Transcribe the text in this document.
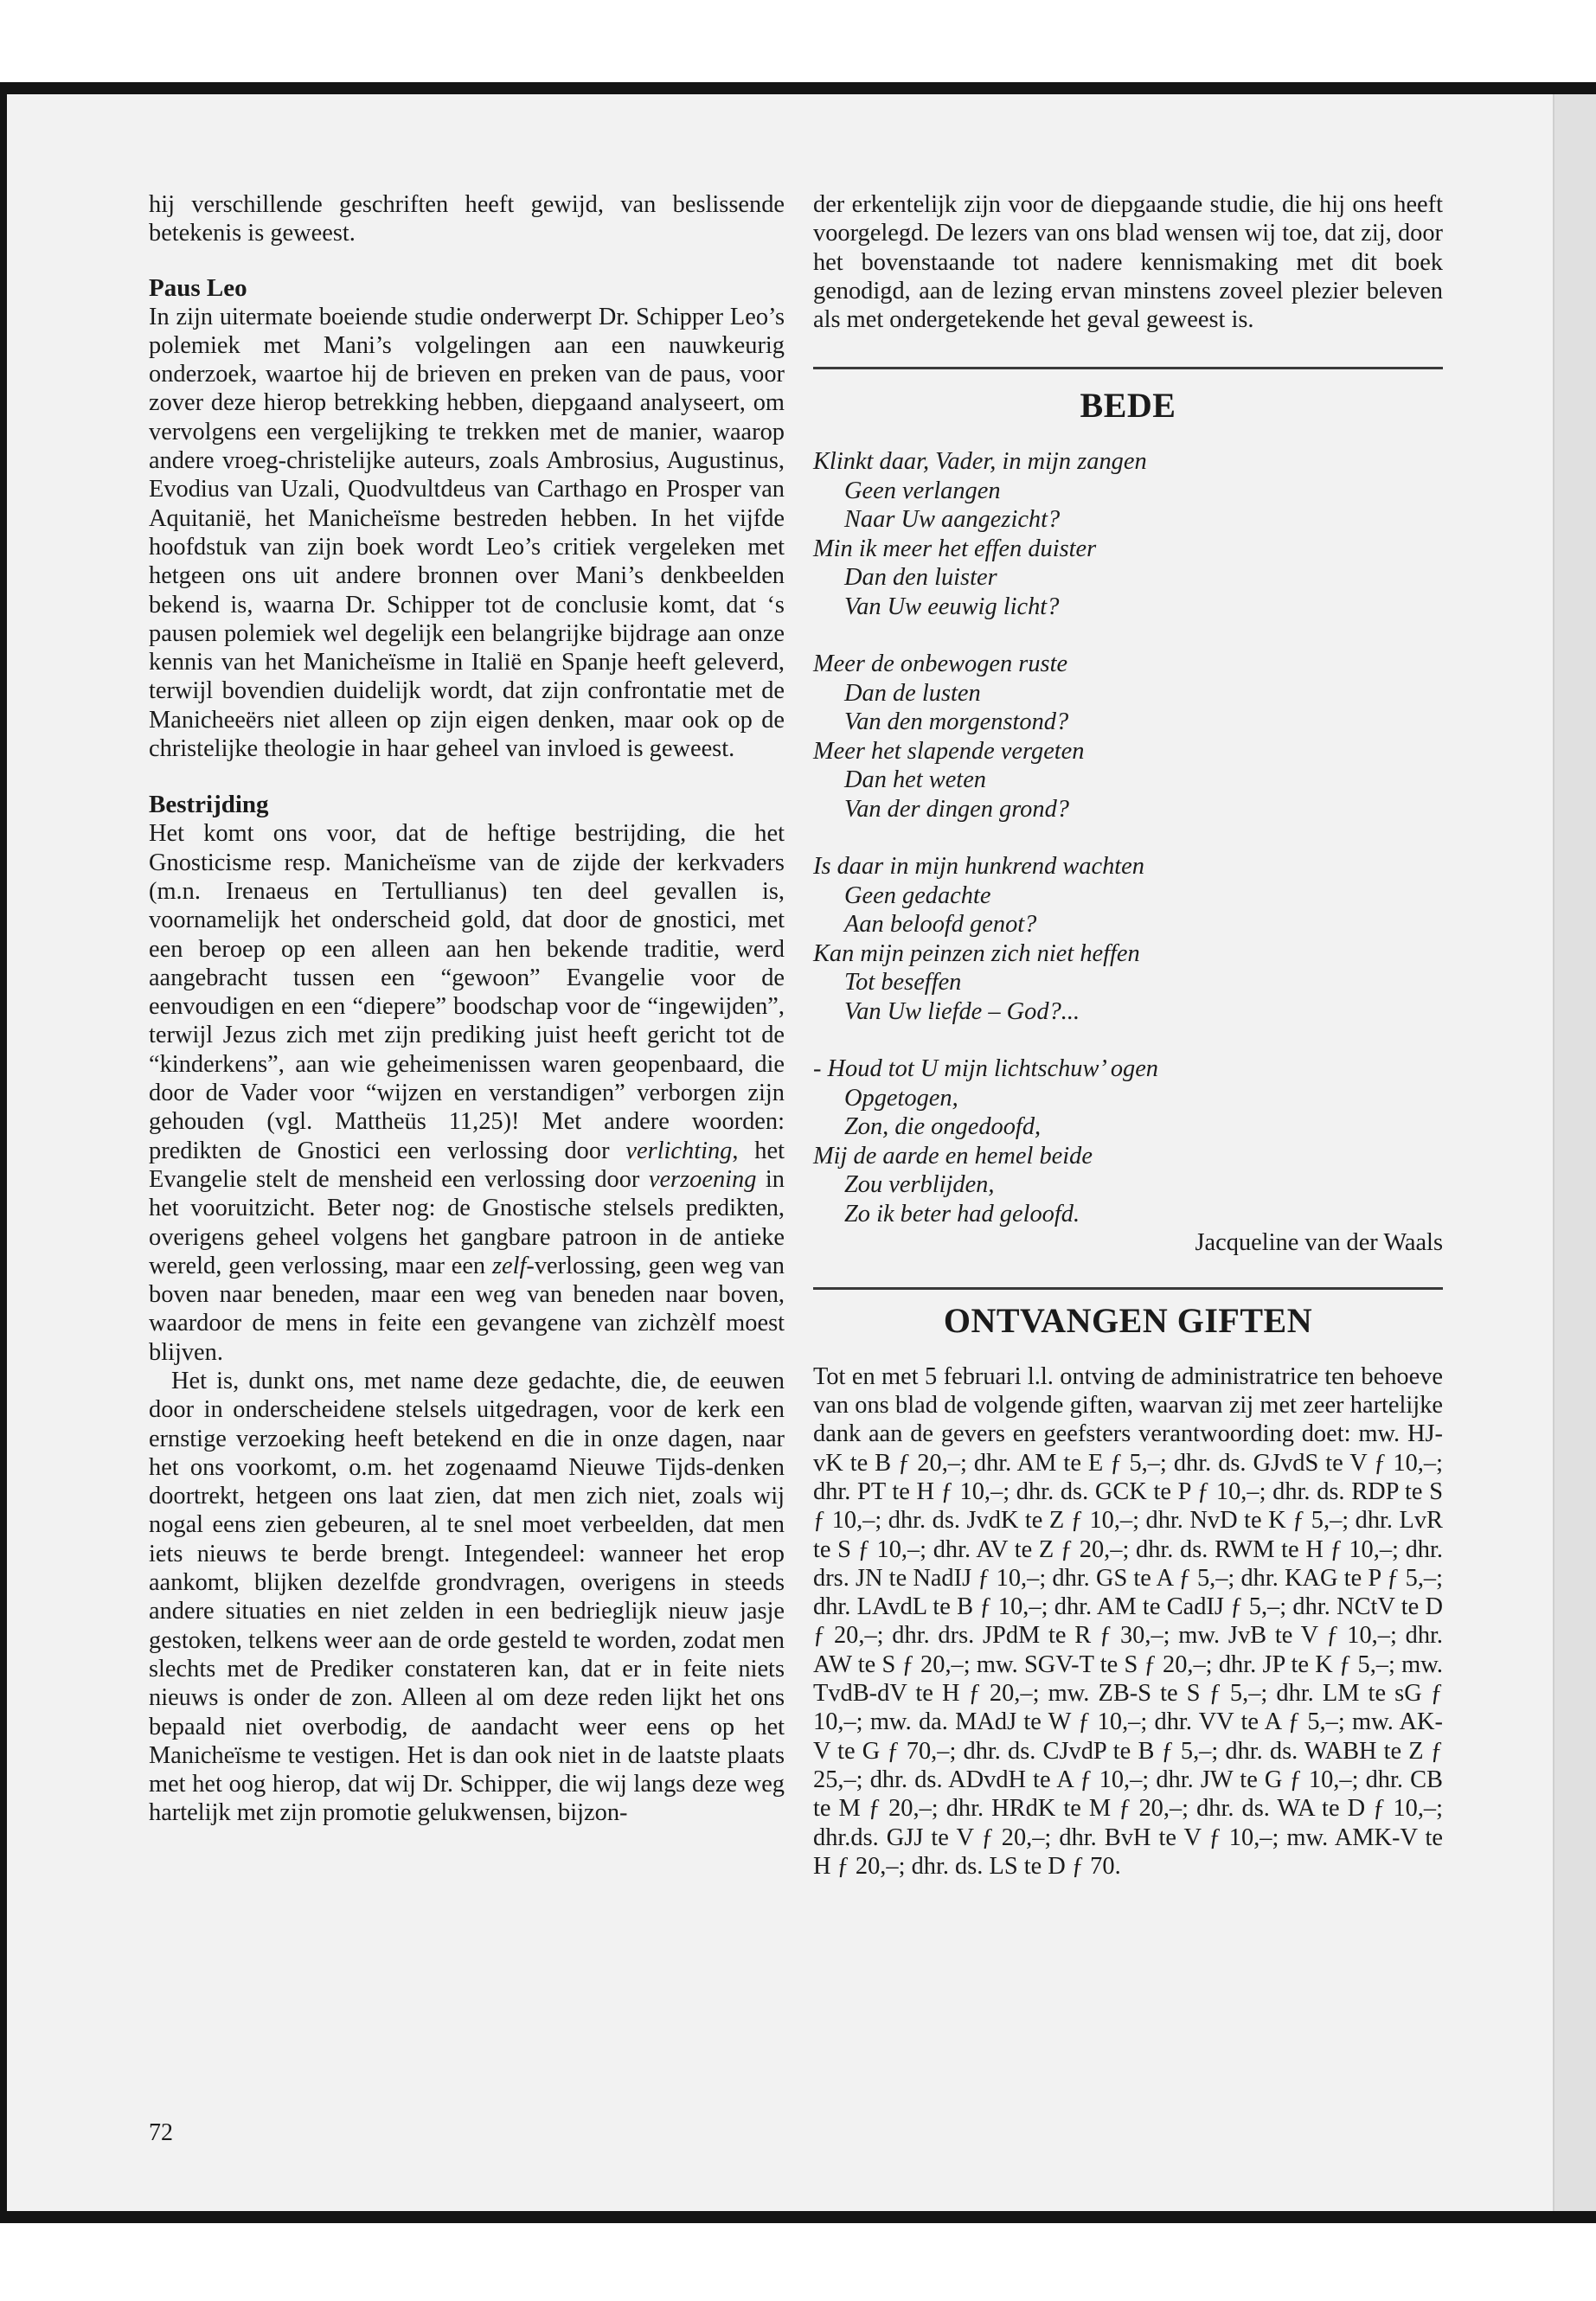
hij verschillende geschriften heeft gewijd, van beslissende betekenis is geweest.

Paus Leo

In zijn uitermate boeiende studie onderwerpt Dr. Schipper Leo’s polemiek met Mani’s volgelingen aan een nauwkeurig onderzoek, waartoe hij de brieven en preken van de paus, voor zover deze hierop betrekking hebben, diepgaand analyseert, om vervolgens een vergelijking te trekken met de manier, waarop andere vroeg-christelijke auteurs, zoals Ambrosius, Augustinus, Evodius van Uzali, Quodvultdeus van Carthago en Prosper van Aquitanië, het Manicheïsme bestreden hebben. In het vijfde hoofdstuk van zijn boek wordt Leo’s critiek vergeleken met hetgeen ons uit andere bronnen over Mani’s denkbeelden bekend is, waarna Dr. Schipper tot de conclusie komt, dat ‘s pausen polemiek wel degelijk een belangrijke bijdrage aan onze kennis van het Manicheïsme in Italië en Spanje heeft geleverd, terwijl bovendien duidelijk wordt, dat zijn confrontatie met de Manicheeërs niet alleen op zijn eigen denken, maar ook op de christelijke theologie in haar geheel van invloed is geweest.

Bestrijding

Het komt ons voor, dat de heftige bestrijding, die het Gnosticisme resp. Manicheïsme van de zijde der kerkvaders (m.n. Irenaeus en Tertullianus) ten deel gevallen is, voornamelijk het onderscheid gold, dat door de gnostici, met een beroep op een alleen aan hen bekende traditie, werd aangebracht tussen een “gewoon” Evangelie voor de eenvoudigen en een “diepere” boodschap voor de “ingewijden”, terwijl Jezus zich met zijn prediking juist heeft gericht tot de “kinderkens”, aan wie geheimenissen waren geopenbaard, die door de Vader voor “wijzen en verstandigen” verborgen zijn gehouden (vgl. Mattheüs 11,25)! Met andere woorden: predikten de Gnostici een verlossing door verlichting, het Evangelie stelt de mensheid een verlossing door verzoening in het vooruitzicht. Beter nog: de Gnostische stelsels predikten, overigens geheel volgens het gangbare patroon in de antieke wereld, geen verlossing, maar een zelf-verlossing, geen weg van boven naar beneden, maar een weg van beneden naar boven, waardoor de mens in feite een gevangene van zichzèlf moest blijven.

Het is, dunkt ons, met name deze gedachte, die, de eeuwen door in onderscheidene stelsels uitgedragen, voor de kerk een ernstige verzoeking heeft betekend en die in onze dagen, naar het ons voorkomt, o.m. het zogenaamd Nieuwe Tijds-denken doortrekt, hetgeen ons laat zien, dat men zich niet, zoals wij nogal eens zien gebeuren, al te snel moet verbeelden, dat men iets nieuws te berde brengt. Integendeel: wanneer het erop aankomt, blijken dezelfde grondvragen, overigens in steeds andere situaties en niet zelden in een bedrieglijk nieuw jasje gestoken, telkens weer aan de orde gesteld te worden, zodat men slechts met de Prediker constateren kan, dat er in feite niets nieuws is onder de zon. Alleen al om deze reden lijkt het ons bepaald niet overbodig, de aandacht weer eens op het Manicheïsme te vestigen. Het is dan ook niet in de laatste plaats met het oog hierop, dat wij Dr. Schipper, die wij langs deze weg hartelijk met zijn promotie gelukwensen, bijzon-

der erkentelijk zijn voor de diepgaande studie, die hij ons heeft voorgelegd. De lezers van ons blad wensen wij toe, dat zij, door het bovenstaande tot nadere kennismaking met dit boek genodigd, aan de lezing ervan minstens zoveel plezier beleven als met ondergetekende het geval geweest is.

BEDE
Klinkt daar, Vader, in mijn zangen
Geen verlangen
Naar Uw aangezicht?
Min ik meer het effen duister
Dan den luister
Van Uw eeuwig licht?
Meer de onbewogen ruste
Dan de lusten
Van den morgenstond?
Meer het slapende vergeten
Dan het weten
Van der dingen grond?
Is daar in mijn hunkrend wachten
Geen gedachte
Aan beloofd genot?
Kan mijn peinzen zich niet heffen
Tot beseffen
Van Uw liefde – God?...
- Houd tot U mijn lichtschuw’ ogen
Opgetogen,
Zon, die ongedoofd,
Mij de aarde en hemel beide
Zou verblijden,
Zo ik beter had geloofd.

Jacqueline van der Waals

ONTVANGEN GIFTEN

Tot en met 5 februari l.l. ontving de administratrice ten behoeve van ons blad de volgende giften, waarvan zij met zeer hartelijke dank aan de gevers en geefsters verantwoording doet: mw. HJ-vK te B ƒ 20,–; dhr. AM te E ƒ 5,–; dhr. ds. GJvdS te V ƒ 10,–; dhr. PT te H ƒ 10,–; dhr. ds. GCK te P ƒ 10,–; dhr. ds. RDP te S ƒ 10,–; dhr. ds. JvdK te Z ƒ 10,–; dhr. NvD te K ƒ 5,–; dhr. LvR te S ƒ 10,–; dhr. AV te Z ƒ 20,–; dhr. ds. RWM te H ƒ 10,–; dhr. drs. JN te NadIJ ƒ 10,–; dhr. GS te A ƒ 5,–; dhr. KAG te P ƒ 5,–; dhr. LAvdL te B ƒ 10,–; dhr. AM te CadIJ ƒ 5,–; dhr. NCtV te D ƒ 20,–; dhr. drs. JPdM te R ƒ 30,–; mw. JvB te V ƒ 10,–; dhr. AW te S ƒ 20,–; mw. SGV-T te S ƒ 20,–; dhr. JP te K ƒ 5,–; mw. TvdB-dV te H ƒ 20,–; mw. ZB-S te S ƒ 5,–; dhr. LM te sG ƒ 10,–; mw. da. MAdJ te W ƒ 10,–; dhr. VV te A ƒ 5,–; mw. AK-V te G ƒ 70,–; dhr. ds. CJvdP te B ƒ 5,–; dhr. ds. WABH te Z ƒ 25,–; dhr. ds. ADvdH te A ƒ 10,–; dhr. JW te G ƒ 10,–; dhr. CB te M ƒ 20,–; dhr. HRdK te M ƒ 20,–; dhr. ds. WA te D ƒ 10,–; dhr.ds. GJJ te V ƒ 20,–; dhr. BvH te V ƒ 10,–; mw. AMK-V te H ƒ 20,–; dhr. ds. LS te D ƒ 70.

72
